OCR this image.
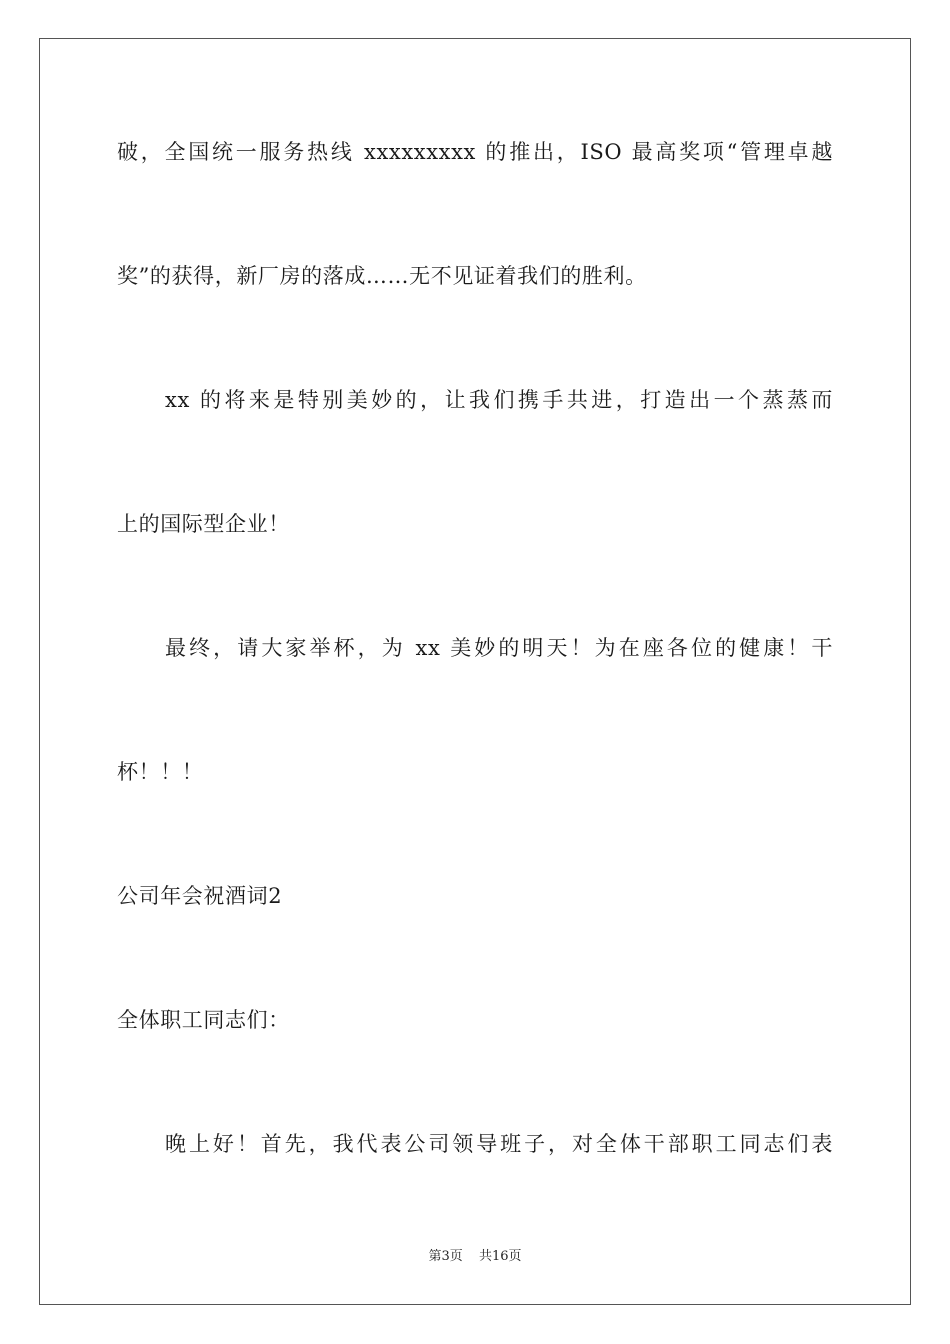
破，全国统一服务热线 xxxxxxxxx 的推出，ISO 最高奖项“管理卓越
奖”的获得，新厂房的落成……无不见证着我们的胜利。
xx 的将来是特别美妙的，让我们携手共进，打造出一个蒸蒸而
上的国际型企业！
最终，请大家举杯，为 xx 美妙的明天！为在座各位的健康！干
杯！！！
公司年会祝酒词2
全体职工同志们：
晚上好！首先，我代表公司领导班子，对全体干部职工同志们表
第3页 共16页
